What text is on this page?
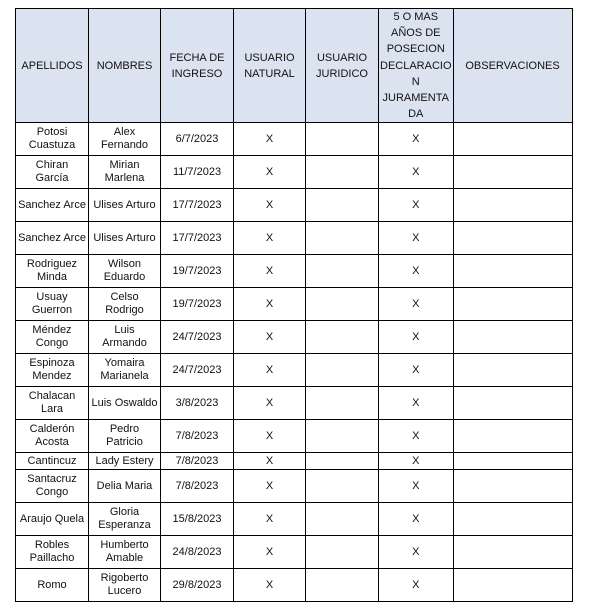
APELLIDOS	NOMBRES	FECHA DE INGRESO	USUARIO NATURAL	USUARIO JURIDICO	5 O MAS AÑOS DE POSECION DECLARACIO N JURAMENTA DA	OBSERVACIONES
Potosi Cuastuza	Alex Fernando	6/7/2023	X		X	
Chiran García	Mirian Marlena	11/7/2023	X		X	
Sanchez Arce	Ulises Arturo	17/7/2023	X		X	
Sanchez Arce	Ulises Arturo	17/7/2023	X		X	
Rodriguez Minda	Wilson Eduardo	19/7/2023	X		X	
Usuay Guerron	Celso Rodrigo	19/7/2023	X		X	
Méndez Congo	Luis Armando	24/7/2023	X		X	
Espinoza Mendez	Yomaira Marianela	24/7/2023	X		X	
Chalacan Lara	Luis Oswaldo	3/8/2023	X		X	
Calderón Acosta	Pedro Patricio	7/8/2023	X		X	
Cantincuz	Lady Estery	7/8/2023	X		X	
Santacruz Congo	Delia Maria	7/8/2023	X		X	
Araujo Quela	Gloria Esperanza	15/8/2023	X		X	
Robles Paillacho	Humberto Amable	24/8/2023	X		X	
Romo	Rigoberto Lucero	29/8/2023	X		X	
